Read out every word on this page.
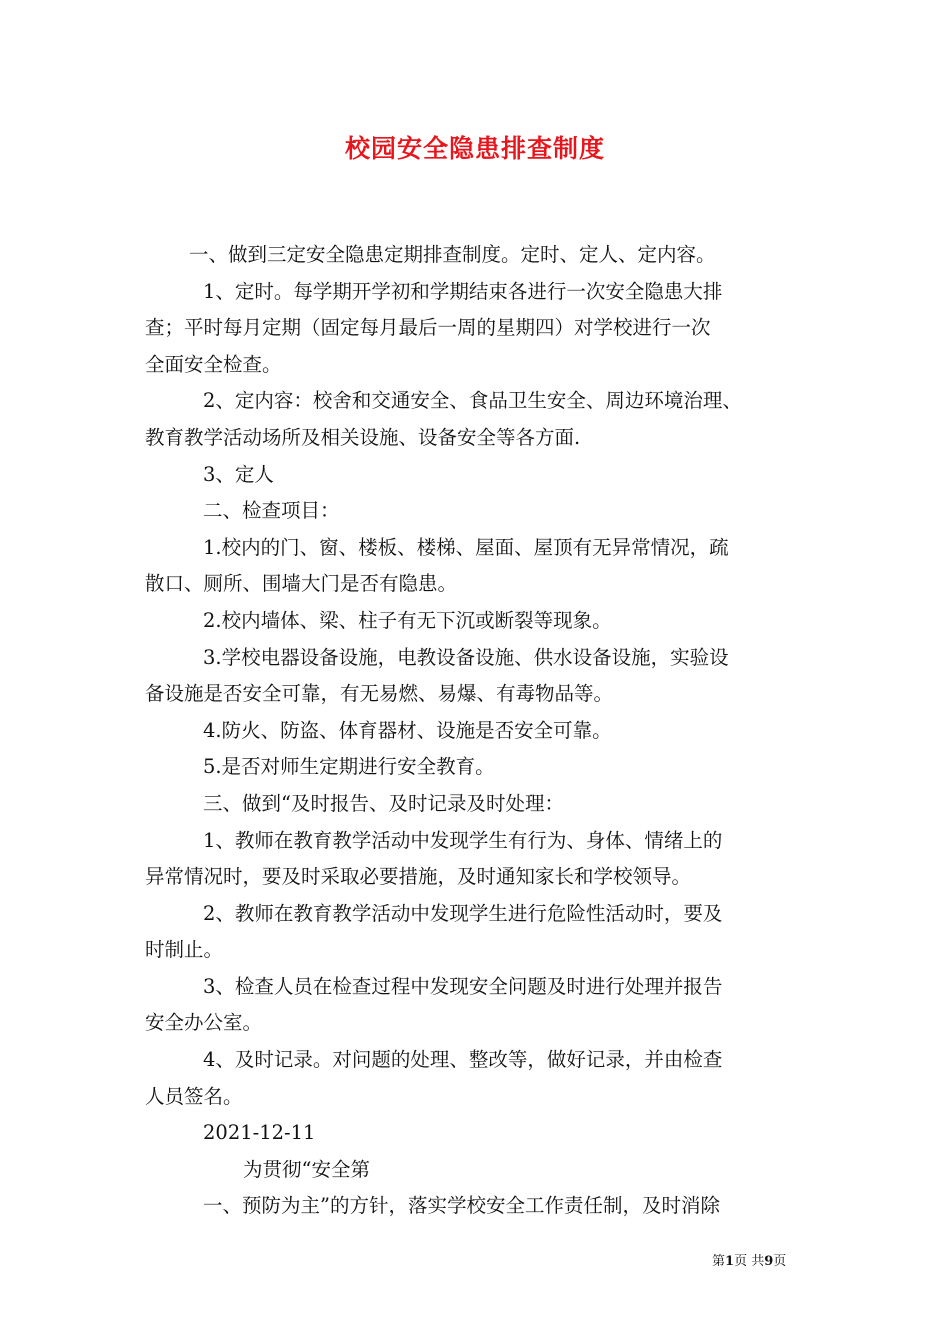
校园安全隐患排查制度
一、做到三定安全隐患定期排查制度。定时、定人、定内容。
1、定时。每学期开学初和学期结束各进行一次安全隐患大排
查；平时每月定期（固定每月最后一周的星期四）对学校进行一次
全面安全检查。
2、定内容：校舍和交通安全、食品卫生安全、周边环境治理、
教育教学活动场所及相关设施、设备安全等各方面.
3、定人
二、检查项目：
1.校内的门、窗、楼板、楼梯、屋面、屋顶有无异常情况，疏
散口、厕所、围墙大门是否有隐患。
2.校内墙体、梁、柱子有无下沉或断裂等现象。
3.学校电器设备设施，电教设备设施、供水设备设施，实验设
备设施是否安全可靠，有无易燃、易爆、有毒物品等。
4.防火、防盗、体育器材、设施是否安全可靠。
5.是否对师生定期进行安全教育。
三、做到“及时报告、及时记录及时处理：
1、教师在教育教学活动中发现学生有行为、身体、情绪上的
异常情况时，要及时采取必要措施，及时通知家长和学校领导。
2、教师在教育教学活动中发现学生进行危险性活动时，要及
时制止。
3、检查人员在检查过程中发现安全问题及时进行处理并报告
安全办公室。
4、及时记录。对问题的处理、整改等，做好记录，并由检查
人员签名。
2021-12-11
为贯彻“安全第
一、预防为主”的方针，落实学校安全工作责任制，及时消除
第1页 共9页
